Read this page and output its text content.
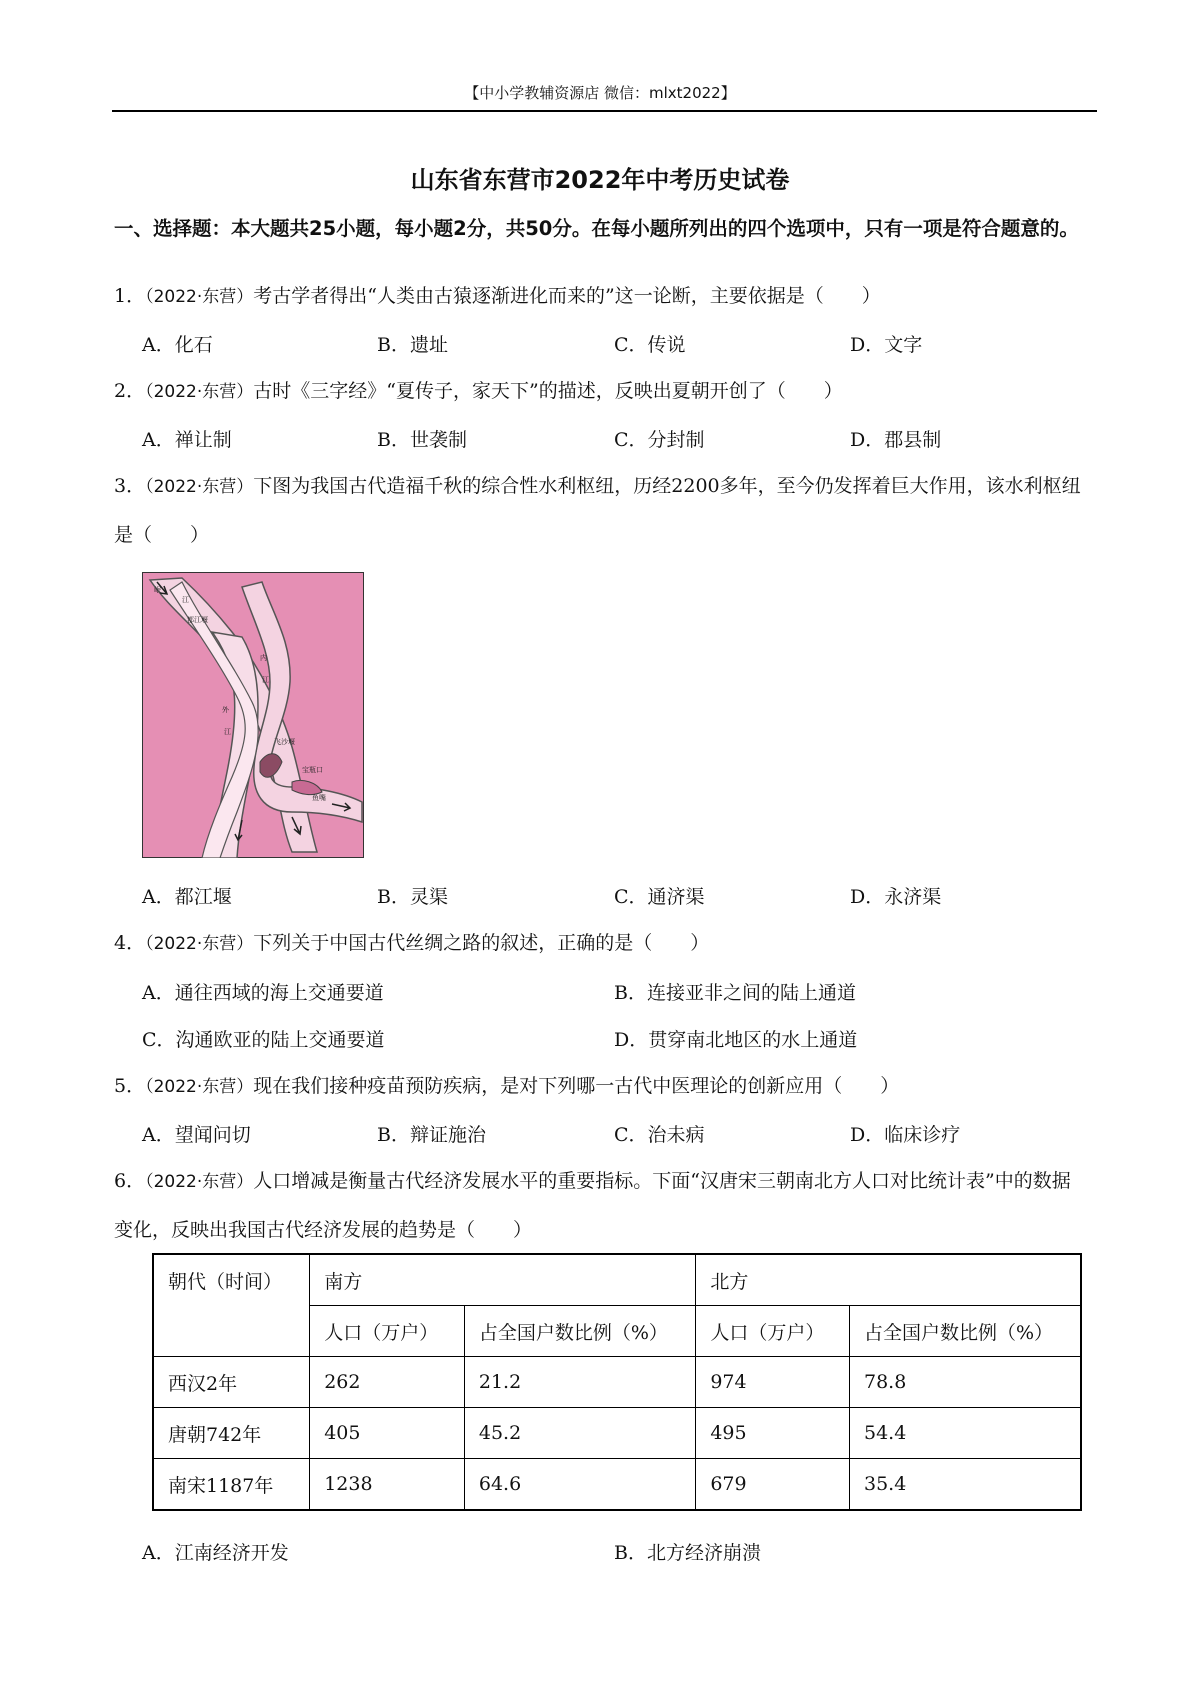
【中小学教辅资源店 微信：mlxt2022】
山东省东营市2022年中考历史试卷
一、选择题：本大题共25小题，每小题2分，共50分。在每小题所列出的四个选项中，只有一项是符合题意的。
1．（2022·东营）考古学者得出“人类由古猿逐渐进化而来的”这一论断，主要依据是（　　）
A．化石	B．遗址	C．传说	D．文字
2．（2022·东营）古时《三字经》“夏传子，家天下”的描述，反映出夏朝开创了（　　）
A．禅让制	B．世袭制	C．分封制	D．郡县制
3．（2022·东营）下图为我国古代造福千秋的综合性水利枢纽，历经2200多年，至今仍发挥着巨大作用，该水利枢纽是（　　）
岷
江
都江堰
内
江
外
江
宝瓶口
飞沙堰
鱼嘴
A．都江堰	B．灵渠	C．通济渠	D．永济渠
4．（2022·东营）下列关于中国古代丝绸之路的叙述，正确的是（　　）
A．通往西域的海上交通要道	B．连接亚非之间的陆上通道
C．沟通欧亚的陆上交通要道	D．贯穿南北地区的水上通道
5．（2022·东营）现在我们接种疫苗预防疾病，是对下列哪一古代中医理论的创新应用（　　）
A．望闻问切	B．辩证施治	C．治未病	D．临床诊疗
6．（2022·东营）人口增减是衡量古代经济发展水平的重要指标。下面“汉唐宋三朝南北方人口对比统计表”中的数据变化，反映出我国古代经济发展的趋势是（　　）
朝代（时间）	南方		北方	
	人口（万户）	占全国户数比例（%）	人口（万户）	占全国户数比例（%）
西汉2年	262	21.2	974	78.8
唐朝742年	405	45.2	495	54.4
南宋1187年	1238	64.6	679	35.4
A．江南经济开发	B．北方经济崩溃
